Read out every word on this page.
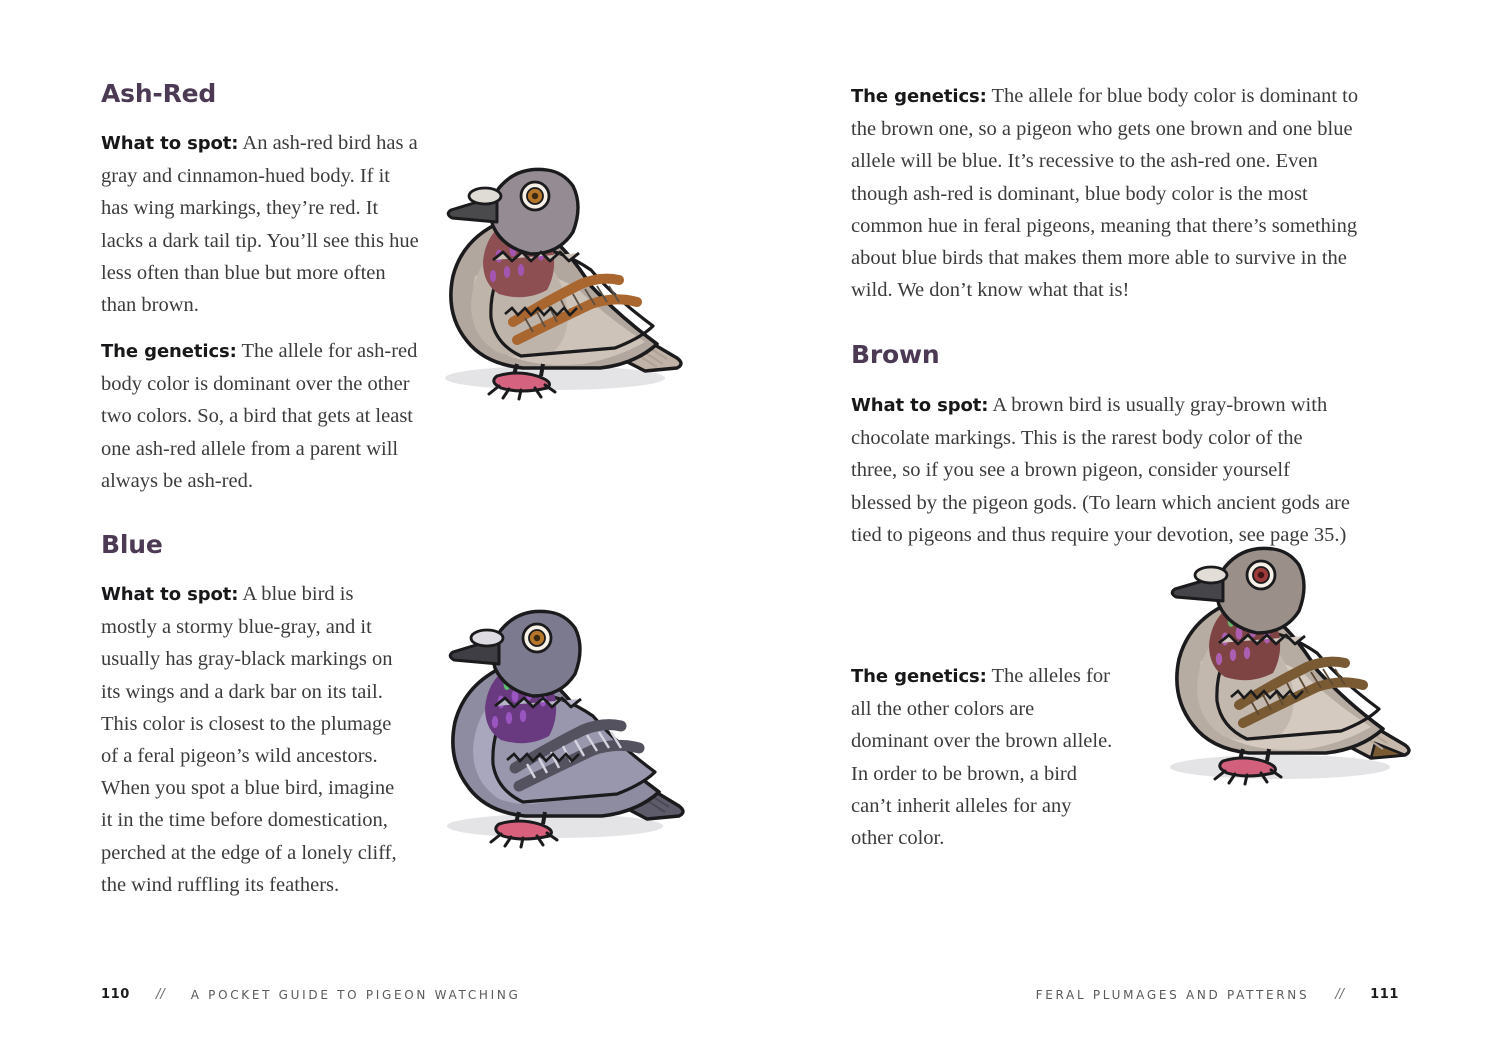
Ash-Red

What to spot: An ash-red bird has a gray and cinnamon-hued body. If it has wing markings, they’re red. It lacks a dark tail tip. You’ll see this hue less often than blue but more often than brown.

The genetics: The allele for ash-red body color is dominant over the other two colors. So, a bird that gets at least one ash-red allele from a parent will always be ash-red.

Blue

What to spot: A blue bird is mostly a stormy blue-gray, and it usually has gray-black markings on its wings and a dark bar on its tail. This color is closest to the plumage of a feral pigeon’s wild ancestors. When you spot a blue bird, imagine it in the time before domestication, perched at the edge of a lonely cliff, the wind ruffling its feathers.

The genetics: The allele for blue body color is dominant to the brown one, so a pigeon who gets one brown and one blue allele will be blue. It’s recessive to the ash-red one. Even though ash-red is dominant, blue body color is the most common hue in feral pigeons, meaning that there’s something about blue birds that makes them more able to survive in the wild. We don’t know what that is!

Brown

What to spot: A brown bird is usually gray-brown with chocolate markings. This is the rarest body color of the three, so if you see a brown pigeon, consider yourself blessed by the pigeon gods. (To learn which ancient gods are tied to pigeons and thus require your devotion, see page 35.)

The genetics: The alleles for all the other colors are dominant over the brown allele. In order to be brown, a bird can’t inherit alleles for any other color.

110 // A POCKET GUIDE TO PIGEON WATCHING	FERAL PLUMAGES AND PATTERNS // 111
